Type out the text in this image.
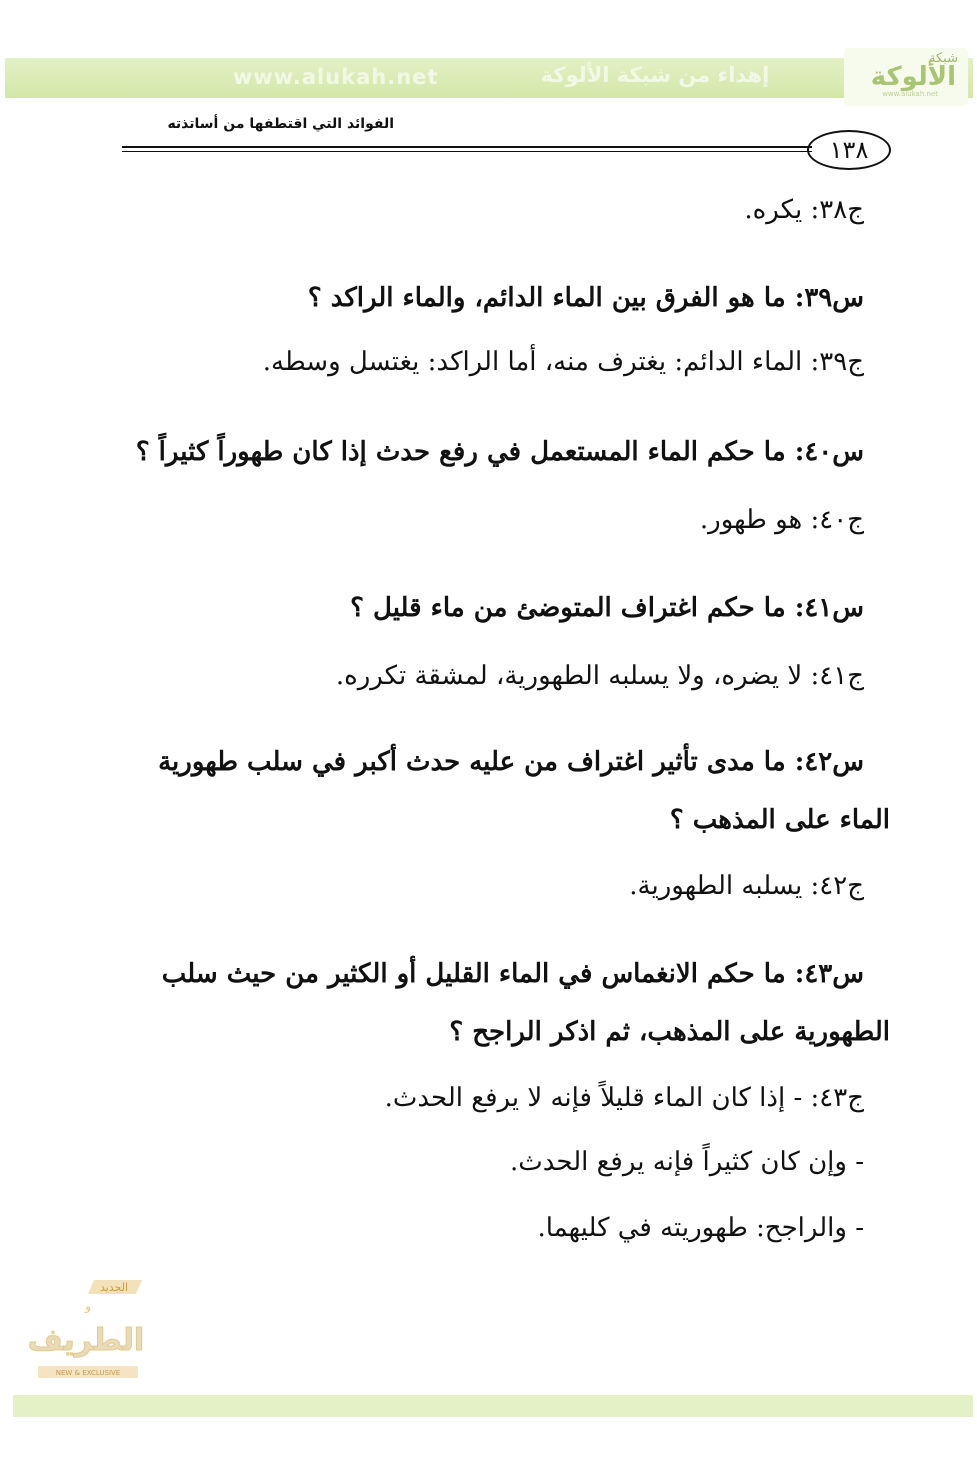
www.alukah.net	إهداء من شبكة الألوكة
شبكة
الألوكة
www.alukah.net
الفوائد التي اقتطفها من أساتذته
١٣٨
ج٣٨: يكره.
س٣٩: ما هو الفرق بين الماء الدائم، والماء الراكد ؟
ج٣٩: الماء الدائم: يغترف منه، أما الراكد: يغتسل وسطه.
س٤٠: ما حكم الماء المستعمل في رفع حدث إذا كان طهوراً كثيراً ؟
ج٤٠: هو طهور.
س٤١: ما حكم اغتراف المتوضئ من ماء قليل ؟
ج٤١: لا يضره، ولا يسلبه الطهورية، لمشقة تكرره.
س٤٢: ما مدى تأثير اغتراف من عليه حدث أكبر في سلب طهورية
الماء على المذهب ؟
ج٤٢: يسلبه الطهورية.
س٤٣: ما حكم الانغماس في الماء القليل أو الكثير من حيث سلب
الطهورية على المذهب، ثم اذكر الراجح ؟
ج٤٣: - إذا كان الماء قليلاً فإنه لا يرفع الحدث.
- وإن كان كثيراً فإنه يرفع الحدث.
- والراجح: طهوريته في كليهما.
الجديد
و
الطريف
NEW & EXCLUSIVE
